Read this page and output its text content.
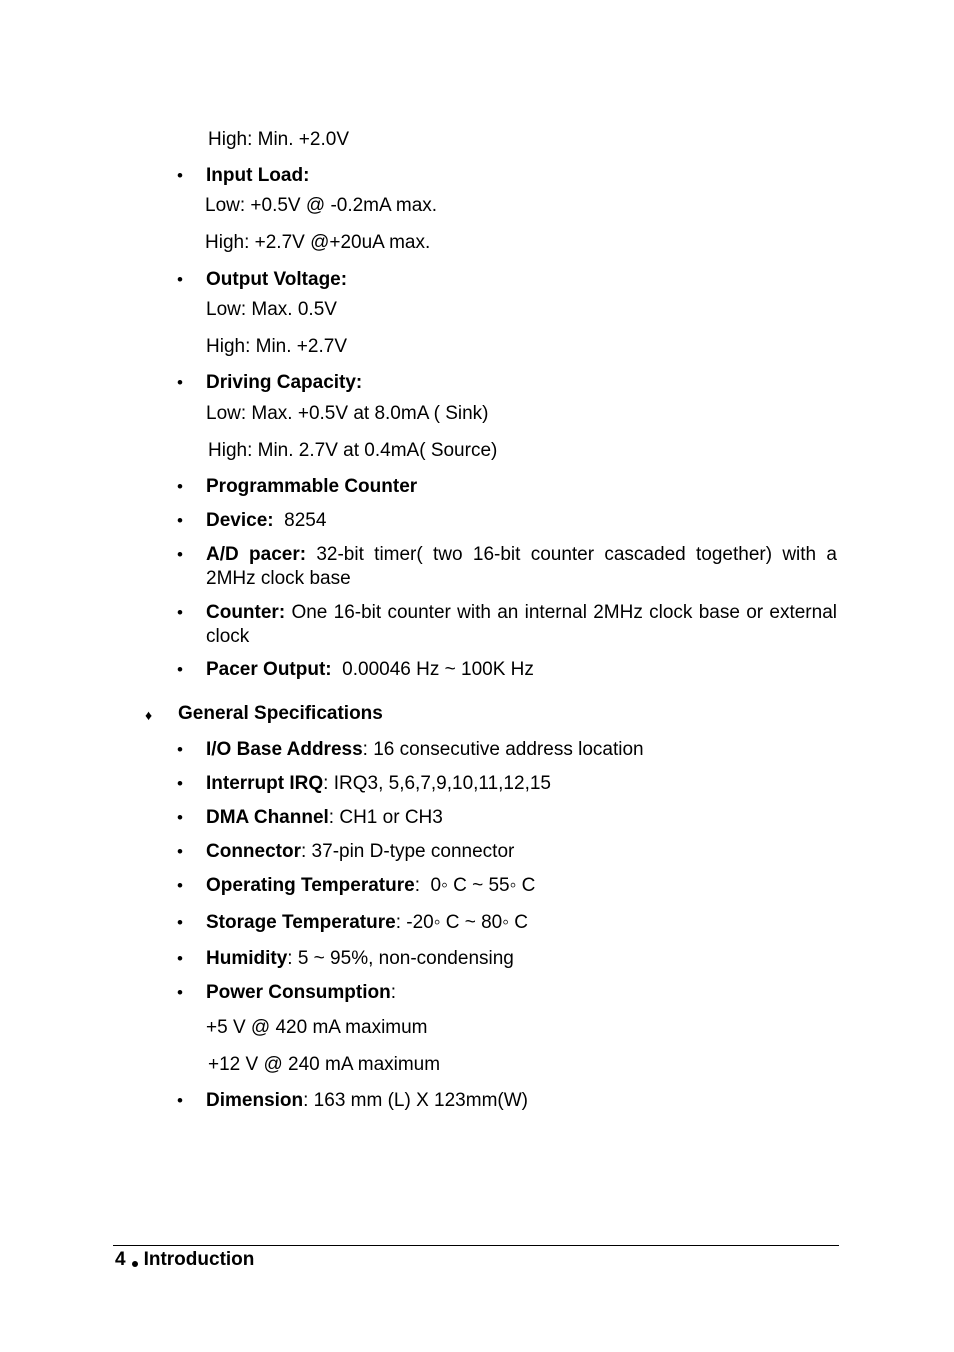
High: Min. +2.0V
• Input Load:
Low: +0.5V @ -0.2mA max.
High: +2.7V @+20uA max.
• Output Voltage:
Low: Max. 0.5V
High: Min. +2.7V
• Driving Capacity:
Low: Max. +0.5V at 8.0mA ( Sink)
High: Min. 2.7V at 0.4mA( Source)
• Programmable Counter
• Device:  8254
• A/D pacer: 32-bit timer( two 16-bit counter cascaded together) with a 2MHz clock base
• Counter: One 16-bit counter with an internal 2MHz clock base or external clock
• Pacer Output:  0.00046 Hz ~ 100K Hz
♦ General Specifications
• I/O Base Address: 16 consecutive address location
• Interrupt IRQ: IRQ3, 5,6,7,9,10,11,12,15
• DMA Channel: CH1 or CH3
• Connector: 37-pin D-type connector
• Operating Temperature:  0◦ C ~ 55◦ C
• Storage Temperature: -20◦ C ~ 80◦ C
• Humidity: 5 ~ 95%, non-condensing
• Power Consumption:
+5 V @ 420 mA maximum
+12 V @ 240 mA maximum
• Dimension: 163 mm (L) X 123mm(W)
4 Introduction
